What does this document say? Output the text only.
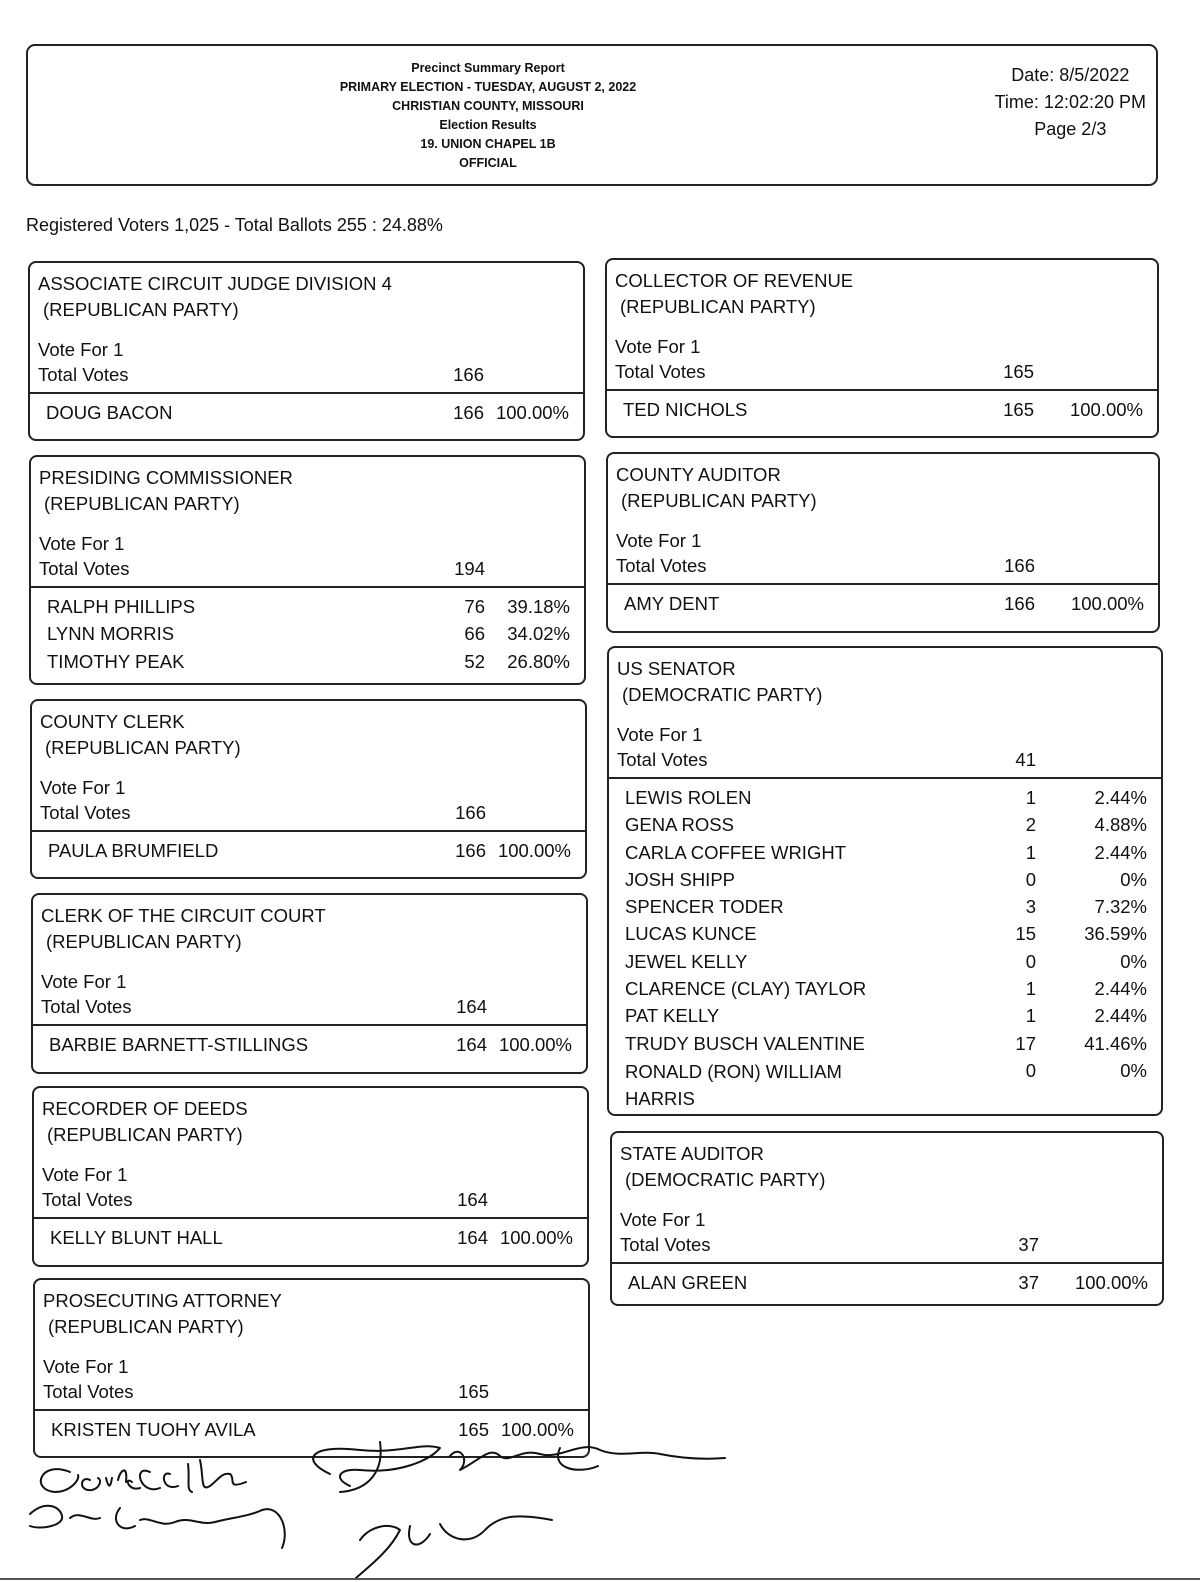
Precinct Summary Report
PRIMARY ELECTION - TUESDAY, AUGUST 2, 2022
CHRISTIAN COUNTY, MISSOURI
Election Results
19. UNION CHAPEL 1B
OFFICIAL
Date: 8/5/2022
Time: 12:02:20 PM
Page 2/3
Registered Voters 1,025 - Total Ballots 255 : 24.88%
ASSOCIATE CIRCUIT JUDGE DIVISION 4
(REPUBLICAN PARTY)
Vote For 1
Total Votes	166
DOUG BACON	166 100.00%
PRESIDING COMMISSIONER
(REPUBLICAN PARTY)
Vote For 1
Total Votes	194
RALPH PHILLIPS	76	39.18%
LYNN MORRIS	66	34.02%
TIMOTHY PEAK	52	26.80%
COUNTY CLERK
(REPUBLICAN PARTY)
Vote For 1
Total Votes	166
PAULA BRUMFIELD	166 100.00%
CLERK OF THE CIRCUIT COURT
(REPUBLICAN PARTY)
Vote For 1
Total Votes	164
BARBIE BARNETT-STILLINGS	164 100.00%
RECORDER OF DEEDS
(REPUBLICAN PARTY)
Vote For 1
Total Votes	164
KELLY BLUNT HALL	164 100.00%
PROSECUTING ATTORNEY
(REPUBLICAN PARTY)
Vote For 1
Total Votes	165
KRISTEN TUOHY AVILA	165 100.00%
COLLECTOR OF REVENUE
(REPUBLICAN PARTY)
Vote For 1
Total Votes	165
TED NICHOLS	165	100.00%
COUNTY AUDITOR
(REPUBLICAN PARTY)
Vote For 1
Total Votes	166
AMY DENT	166	100.00%
US SENATOR
(DEMOCRATIC PARTY)
Vote For 1
Total Votes	41
LEWIS ROLEN	1	2.44%
GENA ROSS	2	4.88%
CARLA COFFEE WRIGHT	1	2.44%
JOSH SHIPP	0	0%
SPENCER TODER	3	7.32%
LUCAS KUNCE	15	36.59%
JEWEL KELLY	0	0%
CLARENCE (CLAY) TAYLOR	1	2.44%
PAT KELLY	1	2.44%
TRUDY BUSCH VALENTINE	17	41.46%
RONALD (RON) WILLIAM HARRIS
0	0%
STATE AUDITOR
(DEMOCRATIC PARTY)
Vote For 1
Total Votes	37
ALAN GREEN	37	100.00%
